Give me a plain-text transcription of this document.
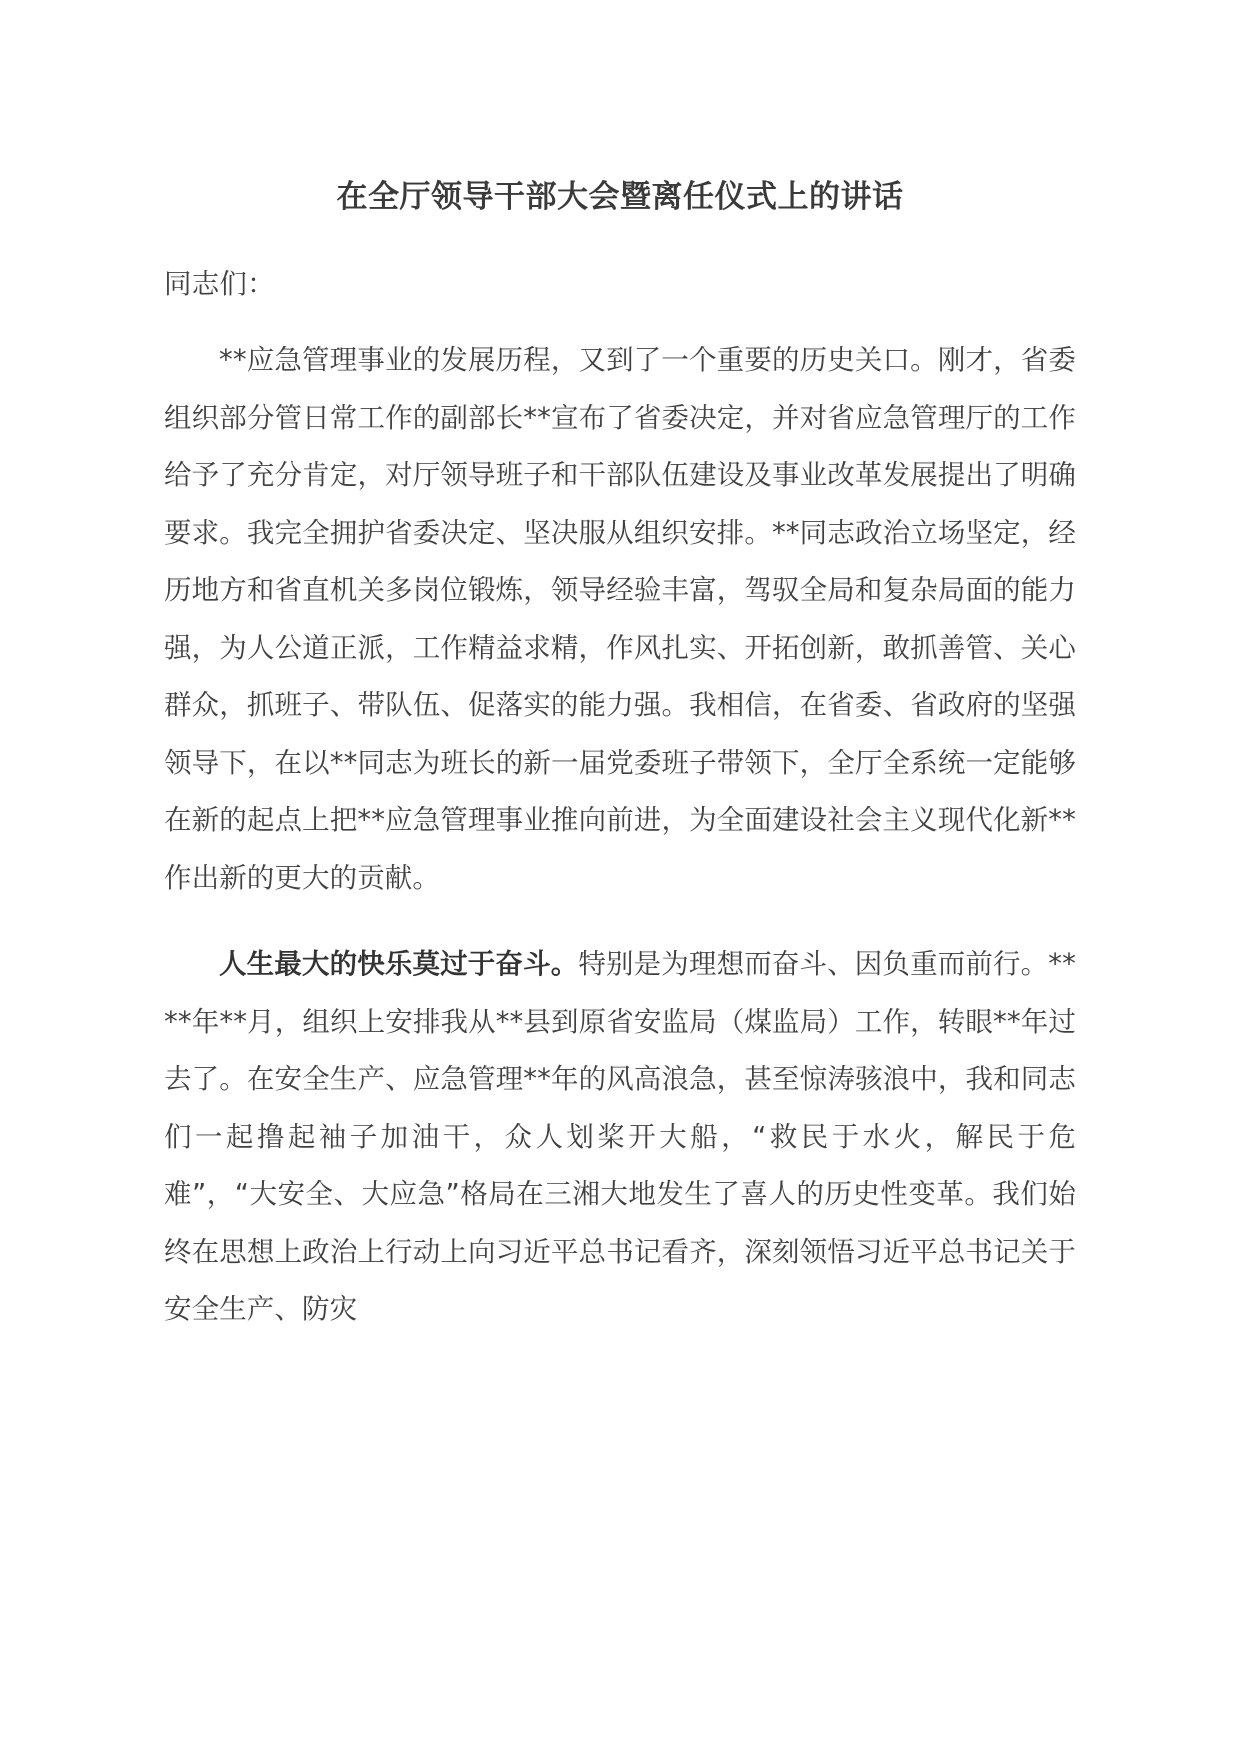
在全厅领导干部大会暨离任仪式上的讲话

同志们：

**应急管理事业的发展历程，又到了一个重要的历史关口。刚才，省委组织部分管日常工作的副部长**宣布了省委决定，并对省应急管理厅的工作给予了充分肯定，对厅领导班子和干部队伍建设及事业改革发展提出了明确要求。我完全拥护省委决定、坚决服从组织安排。**同志政治立场坚定，经历地方和省直机关多岗位锻炼，领导经验丰富，驾驭全局和复杂局面的能力强，为人公道正派，工作精益求精，作风扎实、开拓创新，敢抓善管、关心群众，抓班子、带队伍、促落实的能力强。我相信，在省委、省政府的坚强领导下，在以**同志为班长的新一届党委班子带领下，全厅全系统一定能够在新的起点上把**应急管理事业推向前进，为全面建设社会主义现代化新**作出新的更大的贡献。

人生最大的快乐莫过于奋斗。特别是为理想而奋斗、因负重而前行。****年**月，组织上安排我从**县到原省安监局（煤监局）工作，转眼**年过去了。在安全生产、应急管理**年的风高浪急，甚至惊涛骇浪中，我和同志们一起撸起袖子加油干，众人划桨开大船，“救民于水火，解民于危难”，“大安全、大应急”格局在三湘大地发生了喜人的历史性变革。我们始终在思想上政治上行动上向习近平总书记看齐，深刻领悟习近平总书记关于安全生产、防灾
